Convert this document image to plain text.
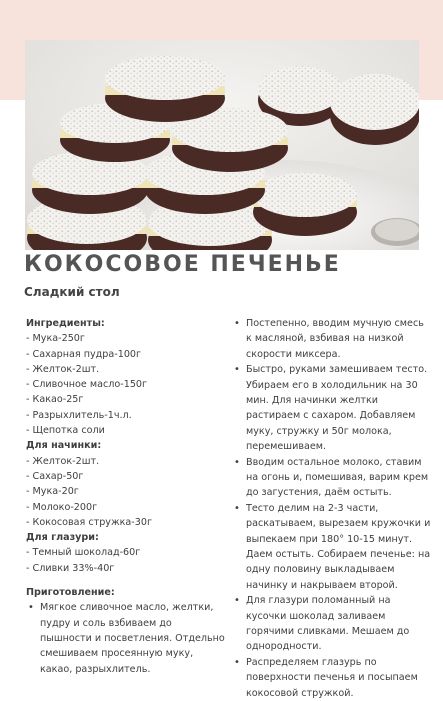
КОКОСОВОЕ ПЕЧЕНЬЕ
Сладкий стол
Ингредиенты:
- Мука-250г
- Сахарная пудра-100г
- Желток-2шт.
- Сливочное масло-150г
- Какао-25г
- Разрыхлитель-1ч.л.
- Щепотка соли
Для начинки:
- Желток-2шт.
- Сахар-50г
- Мука-20г
- Молоко-200г
- Кокосовая стружка-30г
Для глазури:
- Темный шоколад-60г
- Сливки 33%-40г
Приготовление:
• Мягкое сливочное масло, желтки, пудру и соль взбиваем до пышности и посветления. Отдельно смешиваем просеянную муку, какао, разрыхлитель.
• Постепенно, вводим мучную смесь к масляной, взбивая на низкой скорости миксера.
• Быстро, руками замешиваем тесто. Убираем его в холодильник на 30 мин. Для начинки желтки растираем с сахаром. Добавляем муку, стружку и 50г молока, перемешиваем.
• Вводим остальное молоко, ставим на огонь и, помешивая, варим крем до загустения, даём остыть.
• Тесто делим на 2-3 части, раскатываем, вырезаем кружочки и выпекаем при 180° 10-15 минут. Даем остыть. Собираем печенье: на одну половину выкладываем начинку и накрываем второй.
• Для глазури поломанный на кусочки шоколад заливаем горячими сливками. Мешаем до однородности.
• Распределяем глазурь по поверхности печенья и посыпаем кокосовой стружкой.
